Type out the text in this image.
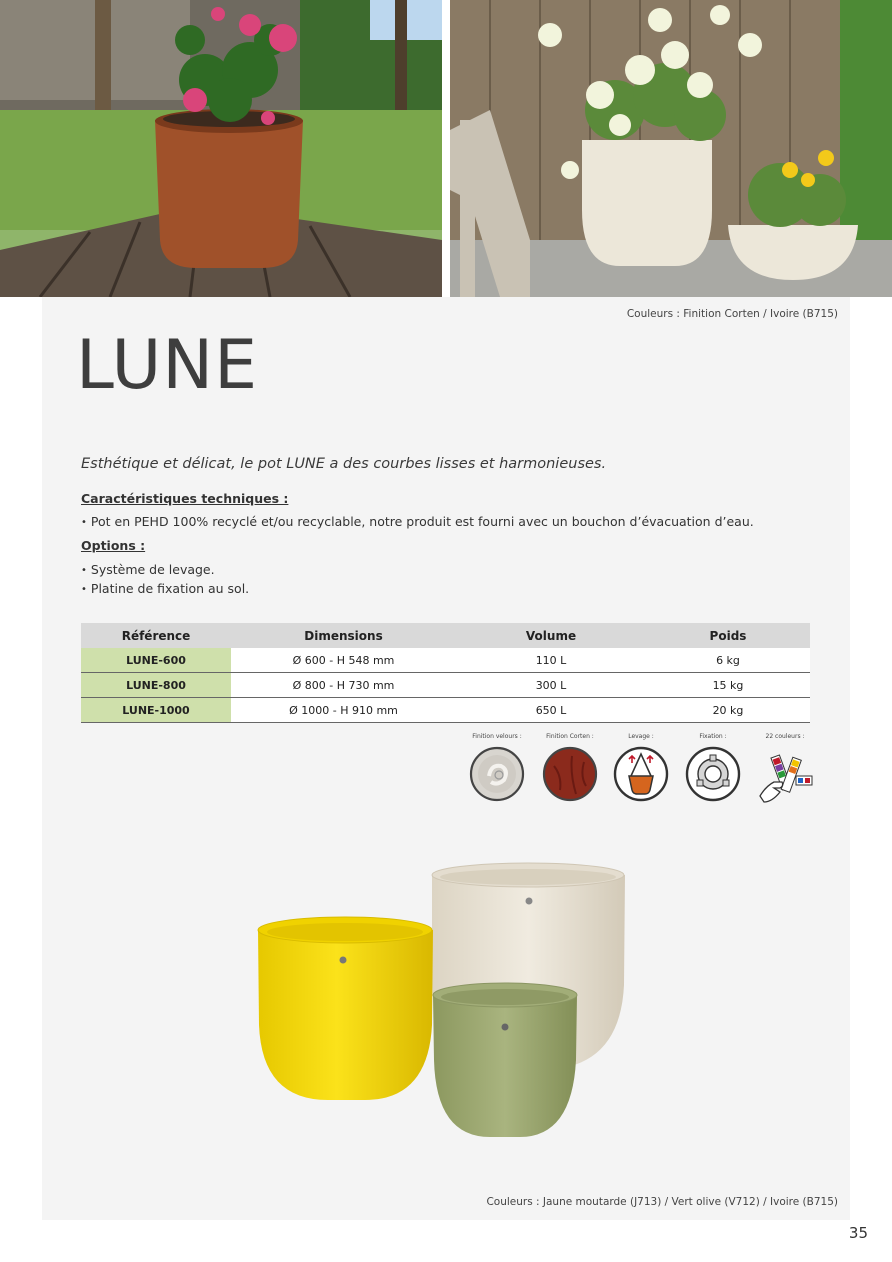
Couleurs : Finition Corten / Ivoire (B715)
LUNE

Esthétique et délicat, le pot LUNE a des courbes lisses et harmonieuses.

Caractéristiques techniques :

• Pot en PEHD 100% recyclé et/ou recyclable, notre produit est fourni avec un bouchon d’évacuation d’eau.

Options :

• Système de levage.

• Platine de fixation au sol.

Référence	Dimensions	Volume	Poids
LUNE-600	Ø 600 - H 548 mm	110 L	6 kg
LUNE-800	Ø 800 - H 730 mm	300 L	15 kg
LUNE-1000	Ø 1000 - H 910 mm	650 L	20 kg
Finition velours :	Finition Corten :	Levage :	Fixation :	22 couleurs :
Couleurs : Jaune moutarde (J713) / Vert olive (V712) / Ivoire (B715)
35
